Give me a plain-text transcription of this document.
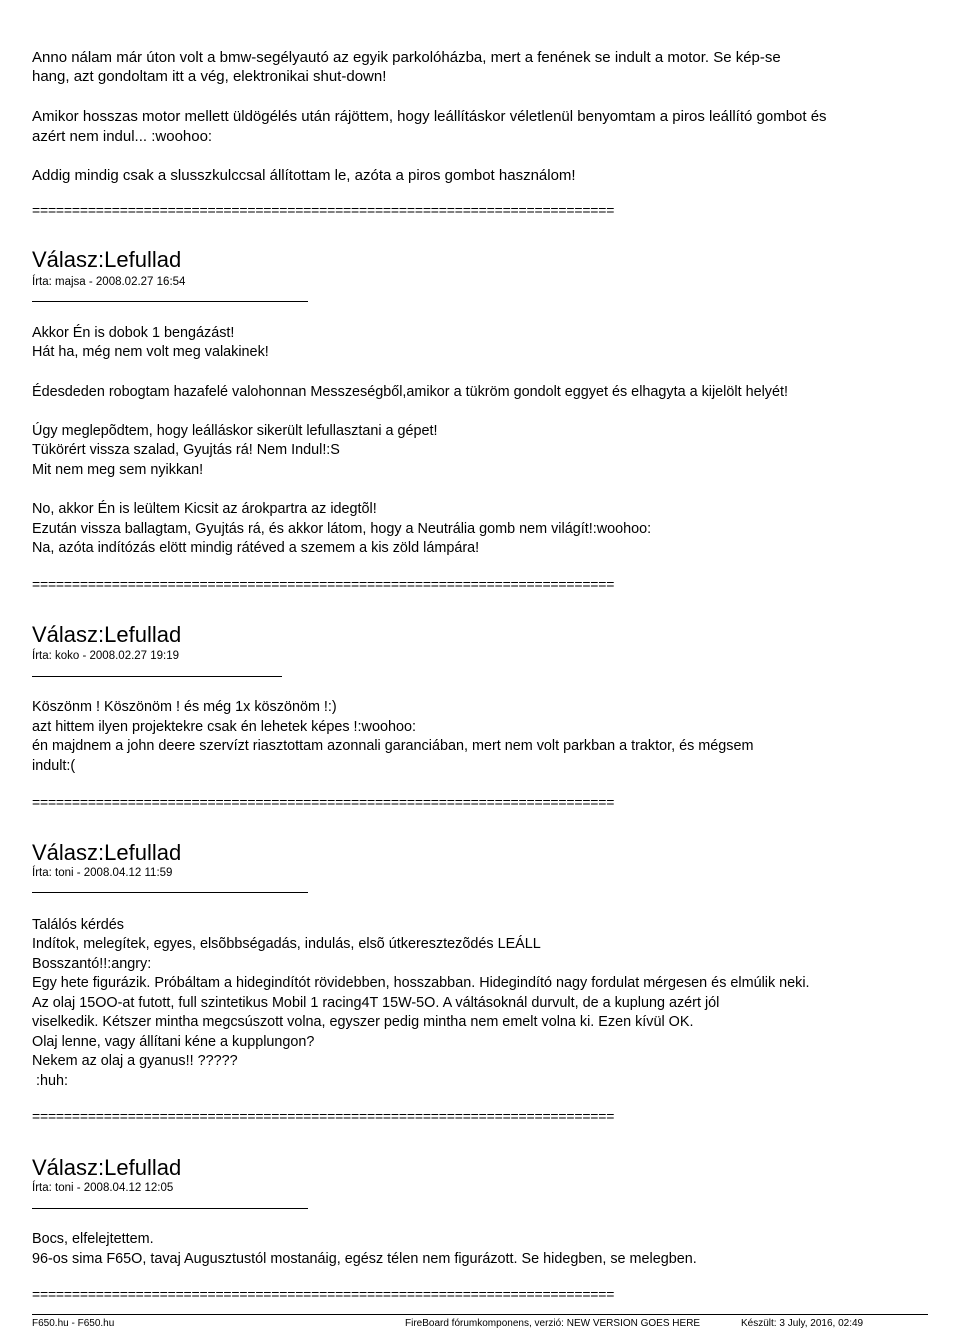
Anno nálam már úton volt a bmw-segélyautó az egyik parkolóházba, mert a fenének se indult a motor. Se kép-se
hang, azt gondoltam itt a vég, elektronikai shut-down!
Amikor hosszas motor mellett üldögélés után rájöttem, hogy leállításkor véletlenül benyomtam a piros leállító gombot és
azért nem indul... :woohoo:
Addig mindig csak a slusszkulccsal állítottam le, azóta a piros gombot használom!
=========================================================================
Válasz:Lefullad
Írta: majsa - 2008.02.27 16:54
Akkor Én is dobok 1 bengázást!
Hát ha, még nem volt meg valakinek!
Édesdeden robogtam hazafelé valohonnan Messzeségből,amikor a tükröm gondolt eggyet és elhagyta a kijelölt helyét!
Úgy meglepõdtem, hogy leálláskor sikerült lefullasztani a gépet!
Tükörért vissza szalad, Gyujtás rá! Nem Indul!:S
Mit nem meg sem nyikkan!
No, akkor Én is leültem Kicsit az árokpartra az idegtõl!
Ezután vissza ballagtam, Gyujtás rá, és akkor látom, hogy a Neutrália gomb nem világít!:woohoo:
Na, azóta indítózás elött mindig rátéved a szemem a kis zöld lámpára!
=========================================================================
Válasz:Lefullad
Írta: koko - 2008.02.27 19:19
Köszönm ! Köszönöm ! és még 1x köszönöm !:)
azt hittem ilyen projektekre csak én lehetek képes !:woohoo:
én majdnem a john deere szervízt riasztottam azonnali garanciában, mert nem volt parkban a traktor, és mégsem
indult:(
=========================================================================
Válasz:Lefullad
Írta: toni - 2008.04.12 11:59
Találós kérdés
Indítok, melegítek, egyes, elsõbbségadás, indulás, elsõ útkeresztezõdés LEÁLL
Bosszantó!!:angry:
Egy hete figurázik. Próbáltam a hidegindítót rövidebben, hosszabban. Hidegindító nagy fordulat mérgesen és elmúlik neki.
Az olaj 15OO-at futott, full szintetikus Mobil 1 racing4T 15W-5O. A váltásoknál durvult, de a kuplung azért jól
viselkedik. Kétszer mintha megcsúszott volna, egyszer pedig mintha nem emelt volna ki. Ezen kívül OK.
Olaj lenne, vagy állítani kéne a kupplungon?
Nekem az olaj a gyanus!! ?????
:huh:
=========================================================================
Válasz:Lefullad
Írta: toni - 2008.04.12 12:05
Bocs, elfelejtettem.
96-os sima F65O, tavaj Augusztustól mostanáig, egész télen nem figurázott. Se hidegben, se melegben.
=========================================================================
F650.hu - F650.hu	FireBoard fórumkomponens, verzió: NEW VERSION GOES HERE	Készült: 3 July, 2016, 02:49
